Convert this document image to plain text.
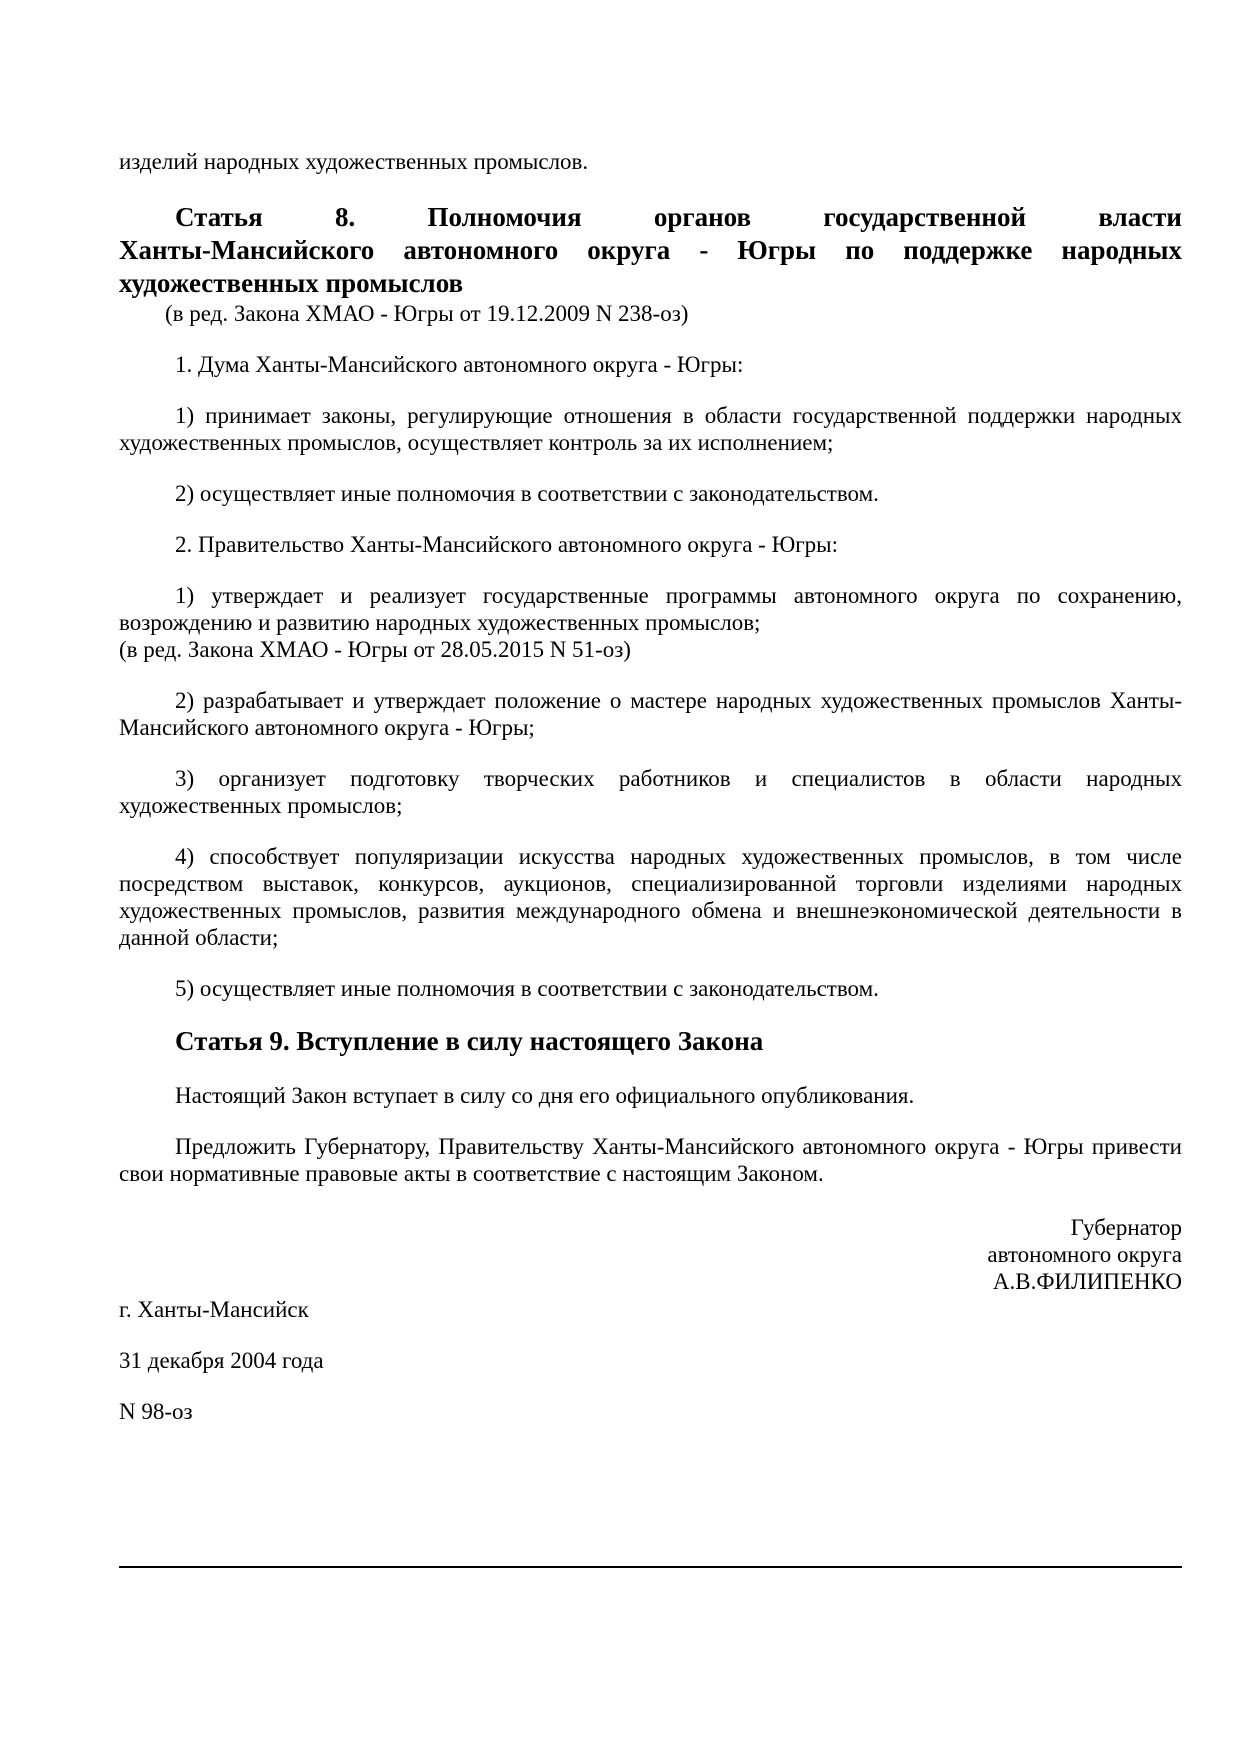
изделий народных художественных промыслов.

Статья 8. Полномочия органов государственной власти
Ханты-Мансийского автономного округа - Югры по поддержке народных художественных промыслов

(в ред. Закона ХМАО - Югры от 19.12.2009 N 238-оз)

1. Дума Ханты-Мансийского автономного округа - Югры:

1) принимает законы, регулирующие отношения в области государственной поддержки народных художественных промыслов, осуществляет контроль за их исполнением;

2) осуществляет иные полномочия в соответствии с законодательством.

2. Правительство Ханты-Мансийского автономного округа - Югры:

1) утверждает и реализует государственные программы автономного округа по сохранению, возрождению и развитию народных художественных промыслов;

(в ред. Закона ХМАО - Югры от 28.05.2015 N 51-оз)

2) разрабатывает и утверждает положение о мастере народных художественных промыслов Ханты-Мансийского автономного округа - Югры;

3) организует подготовку творческих работников и специалистов в области народных художественных промыслов;

4) способствует популяризации искусства народных художественных промыслов, в том числе посредством выставок, конкурсов, аукционов, специализированной торговли изделиями народных художественных промыслов, развития международного обмена и внешнеэкономической деятельности в данной области;

5) осуществляет иные полномочия в соответствии с законодательством.

Статья 9. Вступление в силу настоящего Закона

Настоящий Закон вступает в силу со дня его официального опубликования.

Предложить Губернатору, Правительству Ханты-Мансийского автономного округа - Югры привести свои нормативные правовые акты в соответствие с настоящим Законом.

Губернатор
автономного округа
А.В.ФИЛИПЕНКО

г. Ханты-Мансийск

31 декабря 2004 года

N 98-оз
